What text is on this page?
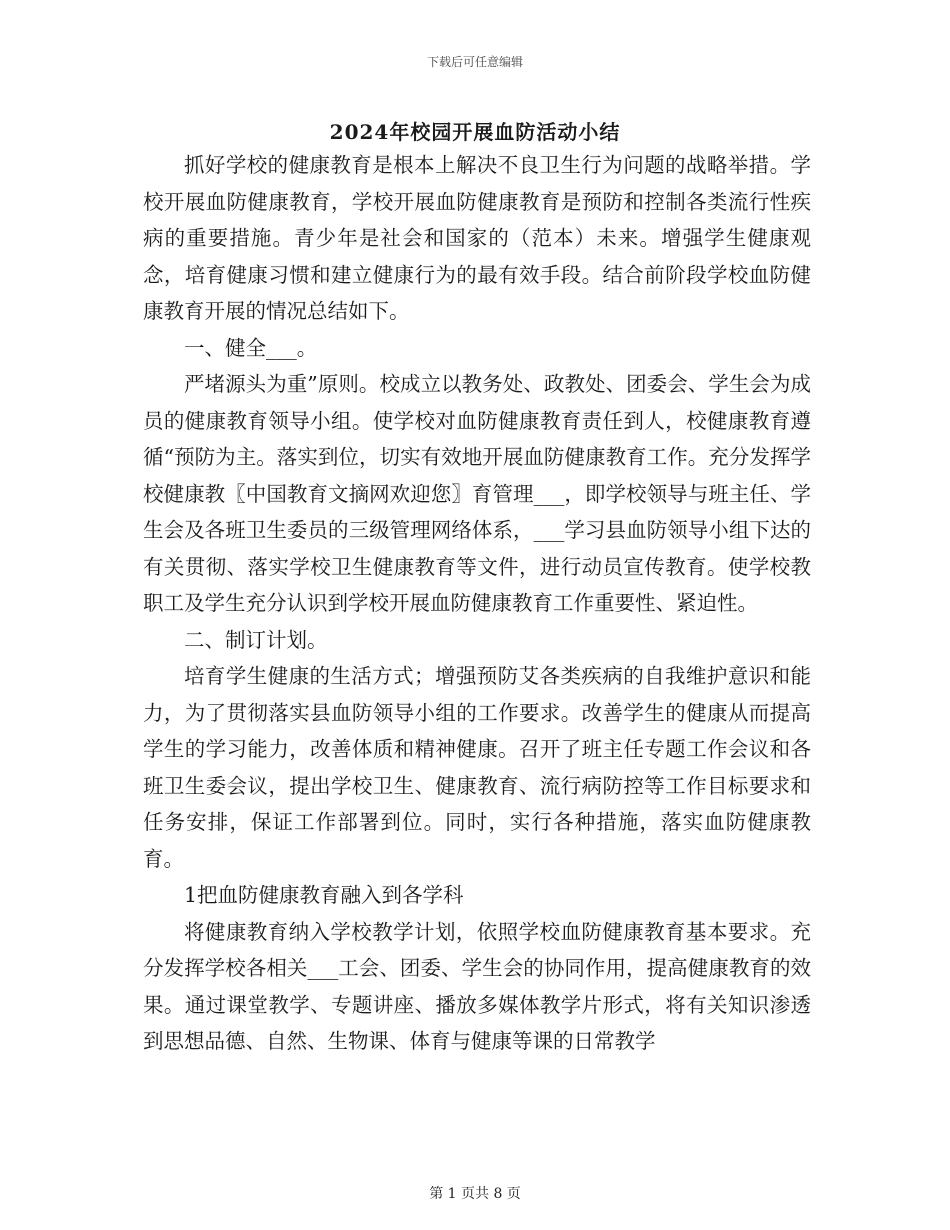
下载后可任意编辑
2024年校园开展血防活动小结

抓好学校的健康教育是根本上解决不良卫生行为问题的战略举措。学校开展血防健康教育，学校开展血防健康教育是预防和控制各类流行性疾病的重要措施。青少年是社会和国家的（范本）未来。增强学生健康观念，培育健康习惯和建立健康行为的最有效手段。结合前阶段学校血防健康教育开展的情况总结如下。

一、健全___。

严堵源头为重”原则。校成立以教务处、政教处、团委会、学生会为成员的健康教育领导小组。使学校对血防健康教育责任到人，校健康教育遵循“预防为主。落实到位，切实有效地开展血防健康教育工作。充分发挥学校健康教〖中国教育文摘网欢迎您〗育管理___，即学校领导与班主任、学生会及各班卫生委员的三级管理网络体系，___学习县血防领导小组下达的有关贯彻、落实学校卫生健康教育等文件，进行动员宣传教育。使学校教职工及学生充分认识到学校开展血防健康教育工作重要性、紧迫性。

二、制订计划。

培育学生健康的生活方式；增强预防艾各类疾病的自我维护意识和能力，为了贯彻落实县血防领导小组的工作要求。改善学生的健康从而提高学生的学习能力，改善体质和精神健康。召开了班主任专题工作会议和各班卫生委会议，提出学校卫生、健康教育、流行病防控等工作目标要求和任务安排，保证工作部署到位。同时，实行各种措施，落实血防健康教育。

1把血防健康教育融入到各学科

将健康教育纳入学校教学计划，依照学校血防健康教育基本要求。充分发挥学校各相关___工会、团委、学生会的协同作用，提高健康教育的效果。通过课堂教学、专题讲座、播放多媒体教学片形式，将有关知识渗透到思想品德、自然、生物课、体育与健康等课的日常教学

第 1 页共 8 页
